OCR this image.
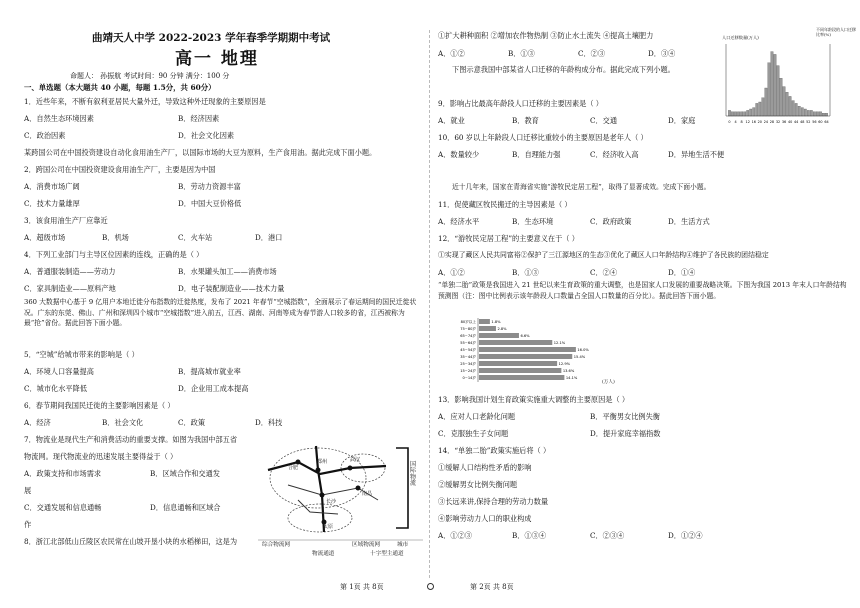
曲靖天人中学 2022-2023 学年春季学期期中考试
高一 地理
命题人： 孙振航 考试时间：90 分钟 满分：100 分
一、单选题（本大题共 40 小题，每题 1.5分，共 60分）
1．近些年来，不断有叙利亚居民大量外迁，导致这种外迁现象的主要原因是
A．自然生态环境因素	B．经济因素
C．政治因素	D．社会文化因素
某跨国公司在中国投资建设自动化食用油生产厂，以国际市场的大豆为原料，生产食用油。据此完成下面小题。
2．跨国公司在中国投资建设食用油生产厂，主要是因为中国
A．消费市场广阔	B．劳动力资源丰富
C．技术力量雄厚	D．中国大豆价格低
3．该食用油生产厂应靠近
A．超级市场	B．机场	C．火车站	D．港口
4．下列工业部门与主导区位因素的连线，正确的是（ ）
A．普通服装制造——劳动力	B．水果罐头加工——消费市场
C．家具制造业——原料产地	D．电子装配制造业——技术力量
360 大数据中心基于 9 亿用户本地迁徙分布指数的迁徙热度，发布了 2021 年春节“空城指数”，全面展示了春运期间的国民迁徙状况。广东的东莞、佛山、广州和深圳四个城市“空城指数”进入前五，江西、湖南、河南等成为春节游人口较多的省，江西被称为最“抢”省份。据此回答下面小题。
5．“空城”给城市带来的影响是（ ）
A．环境人口容量提高	B．提高城市就业率
C．城市化水平降低	D．企业用工成本提高
6．春节期间我国民迁徙的主要影响因素是（ ）
A．经济	B．社会文化	C．政策	D．科技
7．物流业是现代生产和消费活动的重要支撑。如图为我国中部五省
物流网。现代物流业的迅速发展主要得益于（ ）
A．政策支持和市场需求	B．区域合作和交通发
展
C．交通发展和信息通畅	D．信息通畅和区域合
作
8．浙江北部低山丘陵区农民常在山坡开垦小块的水稻梯田，这是为
郑州	武汉
长沙
南昌
合肥
太原
国际物流
综合物流网	区域物流网	城市
物流通道	十字型主通道
第 1页 共 8页
①扩大耕种面积 ②增加农作物热制 ③防止水土流失 ④提高土壤肥力
A．①②	B．①③	C．②③	D．③④
下图示意我国中部某省人口迁移的年龄构成分布。据此完成下列小题。
0 4 8 12 16 20 24 28 32 36 40 44 48 52 56 60 64
人口迁移数量(万人)
不同年龄段的人口迁移比率(%)
9．影响占比最高年龄段人口迁移的主要因素是（ ）
A．就业	B．教育	C．交通	D．家庭
10．60 岁以上年龄段人口迁移比重较小的主要原因是老年人（ ）
A．数量较少	B．自理能力强	C．经济收入高	D．异地生活不便
近十几年来，国家在青海省实施“游牧民定居工程”，取得了显著成效。完成下面小题。
11．促使藏区牧民搬迁的主导因素是（ ）
A．经济水平	B．生态环境	C．政府政策	D．生活方式
12．“游牧民定居工程”的主要意义在于（ ）
①实现了藏区人民共同富裕②保护了三江源地区的生态③优化了藏区人口年龄结构④维护了各民族的团结稳定
A．①②	B．①③	C．②④	D．①④
“单独二胎”政策是我国进入 21 世纪以来生育政策的重大调整，也是国家人口发展的重要战略决策。下图为我国 2013 年末人口年龄结构预测图（注：图中比例表示该年龄段人口数量占全国人口数量的百分比）。据此回答下面小题。
80岁以上	1.8%
75~80岁	2.8%
65~74岁	6.6%
55~64岁	12.1%
45~54岁	16.0%
35~44岁	15.4%
25~34岁	12.9%
15~24岁	13.6%
0~14岁	14.1%
(万人)
13．影响我国计划生育政策实施重大调整的主要原因是（ ）
A．应对人口老龄化问题	B．平衡男女比例失衡
C．克服独生子女问题	D．提升家庭幸福指数
14．“单独二胎”政策实施后将（ ）
①缓解人口结构性矛盾的影响
②缓解男女比例失衡问题
③长远来讲,保持合理的劳动力数量
④影响劳动力人口的职业构成
A．①②③	B．①③④	C．②③④	D．①②④
第 2页 共 8页
